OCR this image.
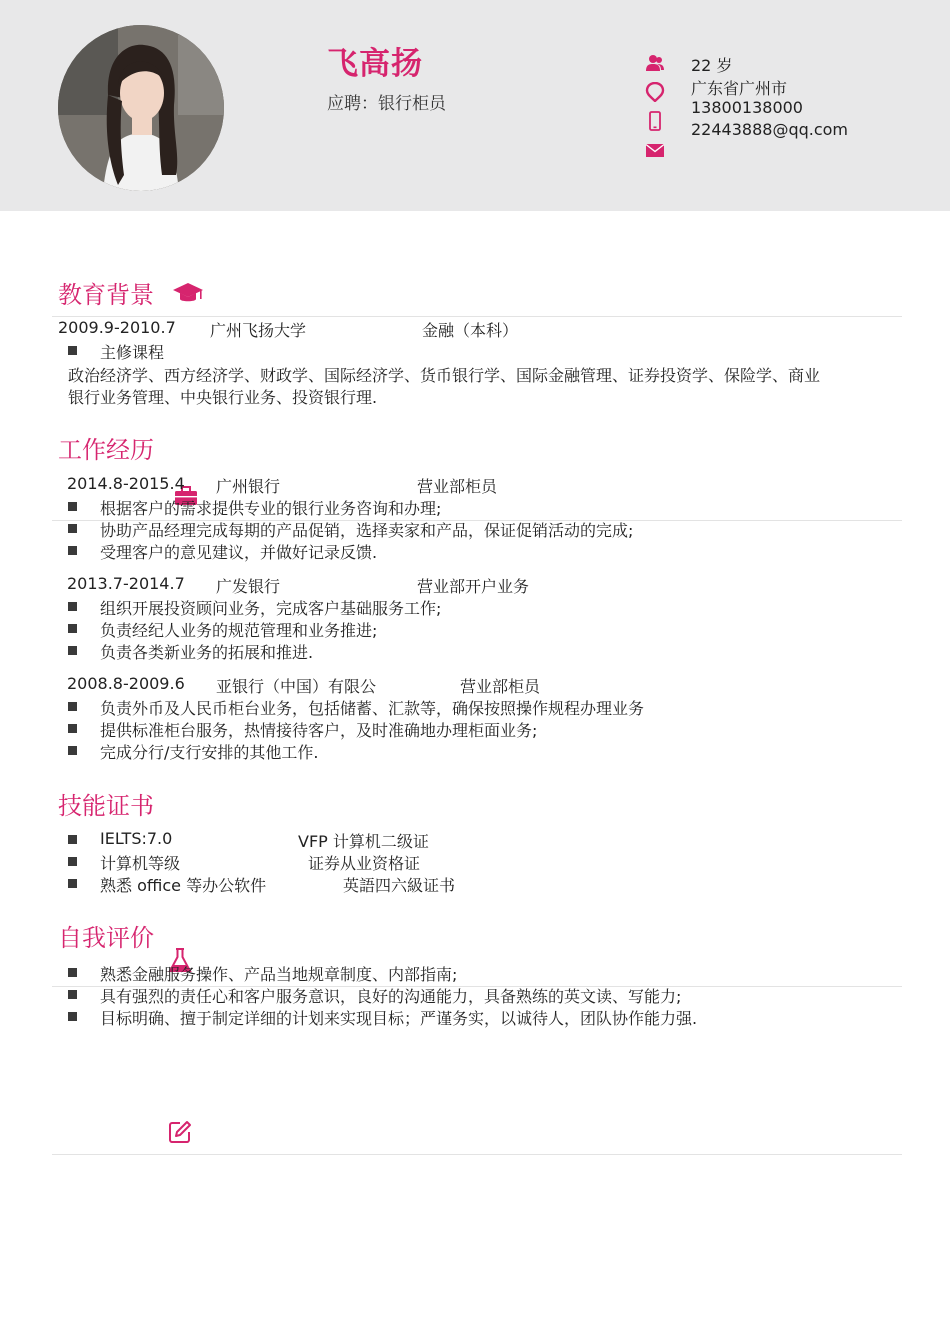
飞高扬
应聘：银行柜员
22 岁
广东省广州市
13800138000
22443888@qq.com
教育背景
2009.9-2010.7 广州飞扬大学	金融（本科）
主修课程
政治经济学、西方经济学、财政学、国际经济学、货币银行学、国际金融管理、证券投资学、保险学、商业
银行业务管理、中央银行业务、投资银行理.
工作经历
2014.8-2015.4 广州银行	营业部柜员
根据客户的需求提供专业的银行业务咨询和办理;
协助产品经理完成每期的产品促销，选择卖家和产品，保证促销活动的完成;
受理客户的意见建议，并做好记录反馈.
2013.7-2014.7 广发银行	营业部开户业务
组织开展投资顾问业务，完成客户基础服务工作;
负责经纪人业务的规范管理和业务推进;
负责各类新业务的拓展和推进.
2008.8-2009.6 亚银行（中国）有限公	营业部柜员
负责外币及人民币柜台业务，包括储蓄、汇款等，确保按照操作规程办理业务
提供标准柜台服务，热情接待客户，及时准确地办理柜面业务;
完成分行/支行安排的其他工作.
技能证书
IELTS:7.0	VFP 计算机二级证
计算机等级	证券从业资格证
熟悉 office 等办公软件	英語四六級证书
自我评价
熟悉金融服务操作、产品当地规章制度、内部指南;
具有强烈的责任心和客户服务意识，良好的沟通能力，具备熟练的英文读、写能力;
目标明确、擅于制定详细的计划来实现目标；严谨务实，以诚待人，团队协作能力强.
